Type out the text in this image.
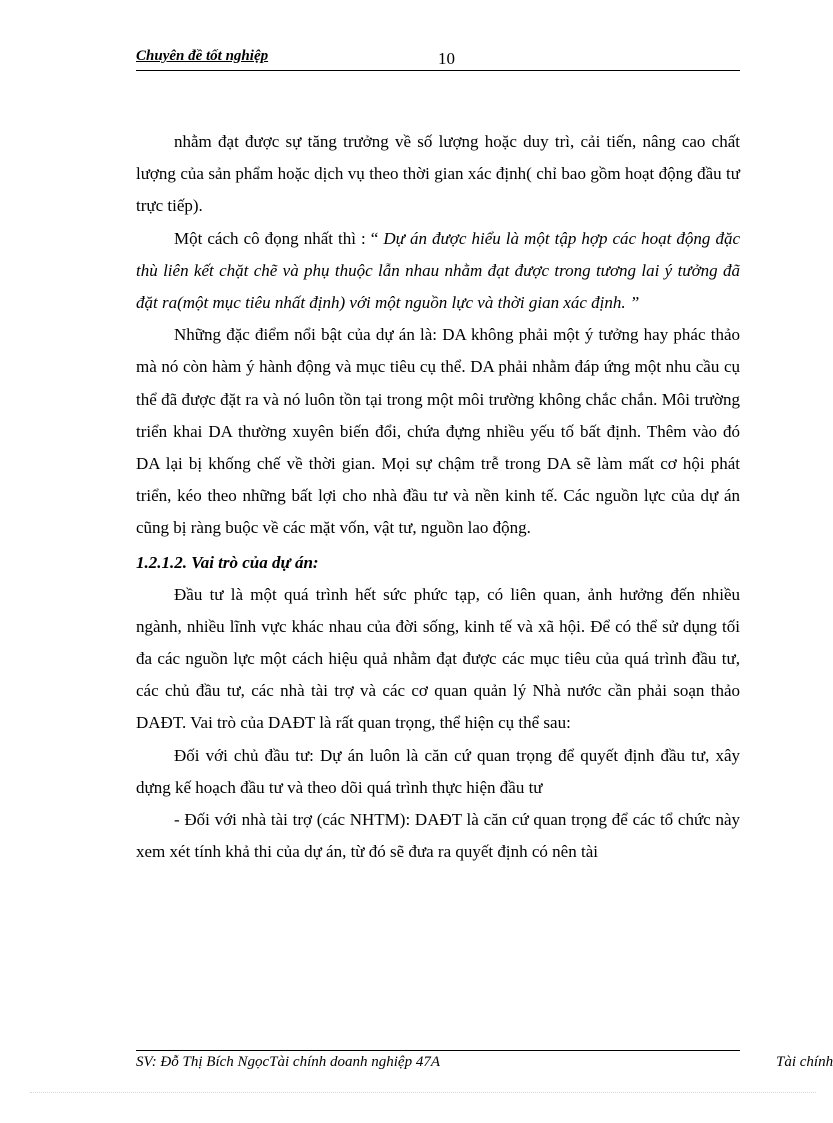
Chuyên đề tốt nghiệp	10

nhằm đạt được sự tăng trưởng về số lượng hoặc duy trì, cải tiến, nâng cao chất lượng của sản phẩm hoặc dịch vụ theo thời gian xác định( chỉ bao gồm hoạt động đầu tư trực tiếp).

Một cách cô đọng nhất thì : “ Dự án được hiểu là một tập hợp các hoạt động đặc thù liên kết chặt chẽ và phụ thuộc lẫn nhau nhằm đạt được trong tương lai ý tưởng đã đặt ra(một mục tiêu nhất định) với một nguồn lực và thời gian xác định. ”

Những đặc điểm nổi bật của dự án là: DA không phải một ý tưởng hay phác thảo mà nó còn hàm ý hành động và mục tiêu cụ thể. DA phải nhằm đáp ứng một nhu cầu cụ thể đã được đặt ra và nó luôn tồn tại trong một môi trường không chắc chắn. Môi trường triển khai DA thường xuyên biến đổi, chứa đựng nhiều yếu tố bất định. Thêm vào đó DA lại bị khống chế về thời gian. Mọi sự chậm trễ trong DA sẽ làm mất cơ hội phát triển, kéo theo những bất lợi cho nhà đầu tư và nền kinh tế. Các nguồn lực của dự án cũng bị ràng buộc về các mặt vốn, vật tư, nguồn lao động.

1.2.1.2. Vai trò của dự án:

Đầu tư là một quá trình hết sức phức tạp, có liên quan, ảnh hưởng đến nhiều ngành, nhiều lĩnh vực khác nhau của đời sống, kinh tế và xã hội. Để có thể sử dụng tối đa các nguồn lực một cách hiệu quả nhằm đạt được các mục tiêu của quá trình đầu tư, các chủ đầu tư, các nhà tài trợ và các cơ quan quản lý Nhà nước cần phải soạn thảo DAĐT. Vai trò của DAĐT là rất quan trọng, thể hiện cụ thể sau:

Đối với chủ đầu tư: Dự án luôn là căn cứ quan trọng để quyết định đầu tư, xây dựng kế hoạch đầu tư và theo dõi quá trình thực hiện đầu tư

- Đối với nhà tài trợ (các NHTM): DAĐT là căn cứ quan trọng để các tổ chức này xem xét tính khả thi của dự án, từ đó sẽ đưa ra quyết định có nên tài

SV: Đỗ Thị Bích NgọcTài chính doanh nghiệp 47A	Tài chính
